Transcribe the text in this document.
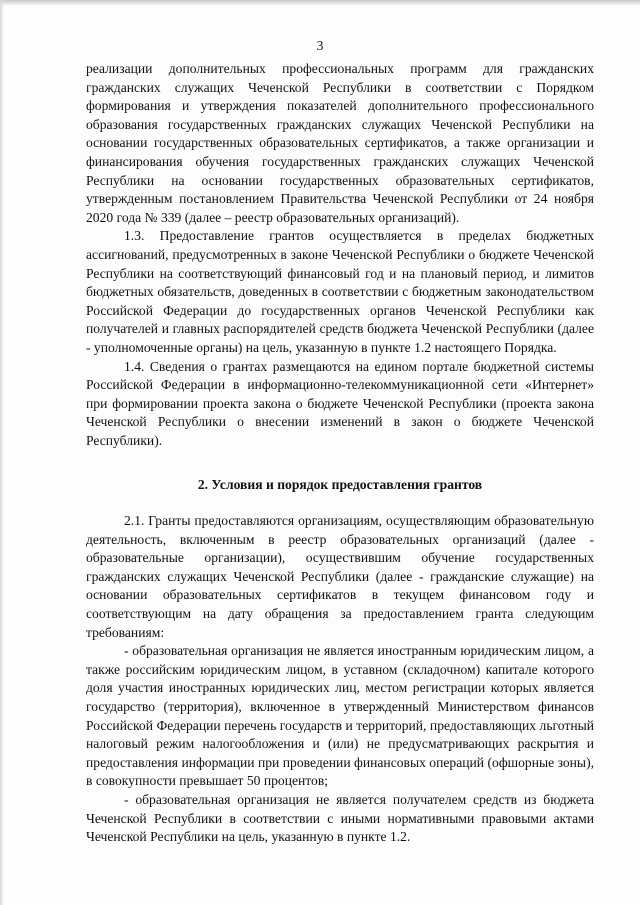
3

реализации дополнительных профессиональных программ для гражданских гражданских служащих Чеченской Республики в соответствии с Порядком формирования и утверждения показателей дополнительного профессионального образования государственных гражданских служащих Чеченской Республики на основании государственных образовательных сертификатов, а также организации и финансирования обучения государственных гражданских служащих Чеченской Республики на основании государственных образовательных сертификатов, утвержденным постановлением Правительства Чеченской Республики от 24 ноября 2020 года № 339 (далее – реестр образовательных организаций).

1.3. Предоставление грантов осуществляется в пределах бюджетных ассигнований, предусмотренных в законе Чеченской Республики о бюджете Чеченской Республики на соответствующий финансовый год и на плановый период, и лимитов бюджетных обязательств, доведенных в соответствии с бюджетным законодательством Российской Федерации до государственных органов Чеченской Республики как получателей и главных распорядителей средств бюджета Чеченской Республики (далее - уполномоченные органы) на цель, указанную в пункте 1.2 настоящего Порядка.

1.4. Сведения о грантах размещаются на едином портале бюджетной системы Российской Федерации в информационно-телекоммуникационной сети «Интернет» при формировании проекта закона о бюджете Чеченской Республики (проекта закона Чеченской Республики о внесении изменений в закон о бюджете Чеченской Республики).

2. Условия и порядок предоставления грантов

2.1. Гранты предоставляются организациям, осуществляющим образовательную деятельность, включенным в реестр образовательных организаций (далее - образовательные организации), осуществившим обучение государственных гражданских служащих Чеченской Республики (далее - гражданские служащие) на основании образовательных сертификатов в текущем финансовом году и соответствующим на дату обращения за предоставлением гранта следующим требованиям:

- образовательная организация не является иностранным юридическим лицом, а также российским юридическим лицом, в уставном (складочном) капитале которого доля участия иностранных юридических лиц, местом регистрации которых является государство (территория), включенное в утвержденный Министерством финансов Российской Федерации перечень государств и территорий, предоставляющих льготный налоговый режим налогообложения и (или) не предусматривающих раскрытия и предоставления информации при проведении финансовых операций (офшорные зоны), в совокупности превышает 50 процентов;

- образовательная организация не является получателем средств из бюджета Чеченской Республики в соответствии с иными нормативными правовыми актами Чеченской Республики на цель, указанную в пункте 1.2.
